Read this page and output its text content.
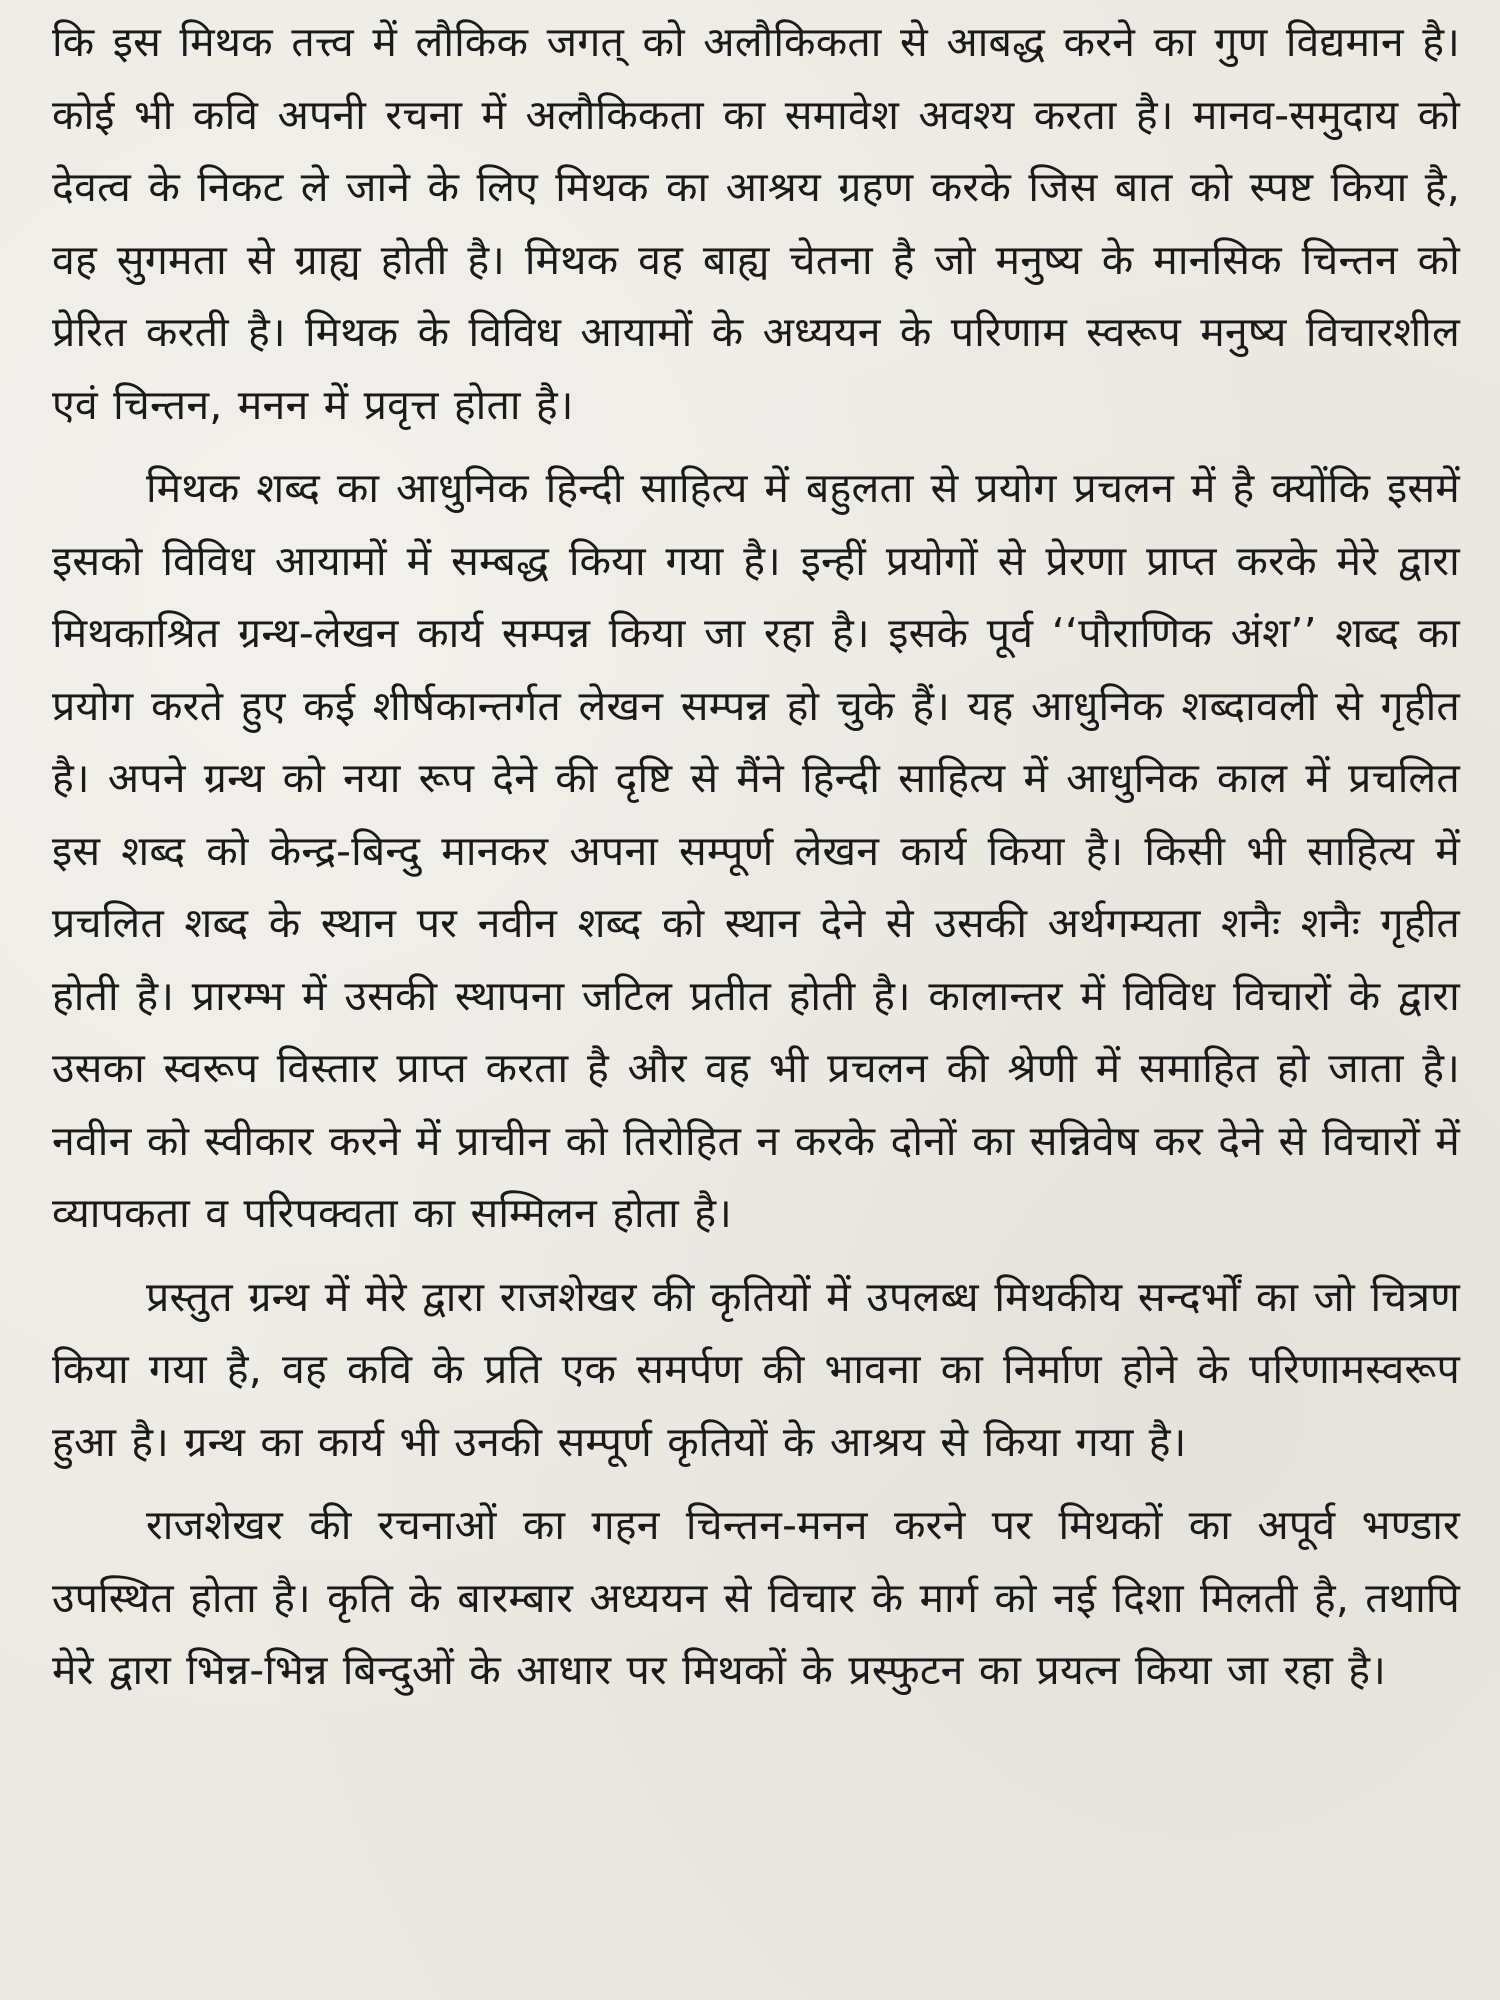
कि इस मिथक तत्त्व में लौकिक जगत् को अलौकिकता से आबद्ध करने का गुण विद्यमान है। कोई भी कवि अपनी रचना में अलौकिकता का समावेश अवश्य करता है। मानव-समुदाय को देवत्व के निकट ले जाने के लिए मिथक का आश्रय ग्रहण करके जिस बात को स्पष्ट किया है, वह सुगमता से ग्राह्य होती है। मिथक वह बाह्य चेतना है जो मनुष्य के मानसिक चिन्तन को प्रेरित करती है। मिथक के विविध आयामों के अध्ययन के परिणाम स्वरूप मनुष्य विचारशील एवं चिन्तन, मनन में प्रवृत्त होता है।

मिथक शब्द का आधुनिक हिन्दी साहित्य में बहुलता से प्रयोग प्रचलन में है क्योंकि इसमें इसको विविध आयामों में सम्बद्ध किया गया है। इन्हीं प्रयोगों से प्रेरणा प्राप्त करके मेरे द्वारा मिथकाश्रित ग्रन्थ-लेखन कार्य सम्पन्न किया जा रहा है। इसके पूर्व ‘‘पौराणिक अंश’’ शब्द का प्रयोग करते हुए कई शीर्षकान्तर्गत लेखन सम्पन्न हो चुके हैं। यह आधुनिक शब्दावली से गृहीत है। अपने ग्रन्थ को नया रूप देने की दृष्टि से मैंने हिन्दी साहित्य में आधुनिक काल में प्रचलित इस शब्द को केन्द्र-बिन्दु मानकर अपना सम्पूर्ण लेखन कार्य किया है। किसी भी साहित्य में प्रचलित शब्द के स्थान पर नवीन शब्द को स्थान देने से उसकी अर्थगम्यता शनैः शनैः गृहीत होती है। प्रारम्भ में उसकी स्थापना जटिल प्रतीत होती है। कालान्तर में विविध विचारों के द्वारा उसका स्वरूप विस्तार प्राप्त करता है और वह भी प्रचलन की श्रेणी में समाहित हो जाता है। नवीन को स्वीकार करने में प्राचीन को तिरोहित न करके दोनों का सन्निवेष कर देने से विचारों में व्यापकता व परिपक्वता का सम्मिलन होता है।

प्रस्तुत ग्रन्थ में मेरे द्वारा राजशेखर की कृतियों में उपलब्ध मिथकीय सन्दर्भों का जो चित्रण किया गया है, वह कवि के प्रति एक समर्पण की भावना का निर्माण होने के परिणामस्वरूप हुआ है। ग्रन्थ का कार्य भी उनकी सम्पूर्ण कृतियों के आश्रय से किया गया है।

राजशेखर की रचनाओं का गहन चिन्तन-मनन करने पर मिथकों का अपूर्व भण्डार उपस्थित होता है। कृति के बारम्बार अध्ययन से विचार के मार्ग को नई दिशा मिलती है, तथापि मेरे द्वारा भिन्न-भिन्न बिन्दुओं के आधार पर मिथकों के प्रस्फुटन का प्रयत्न किया जा रहा है।
